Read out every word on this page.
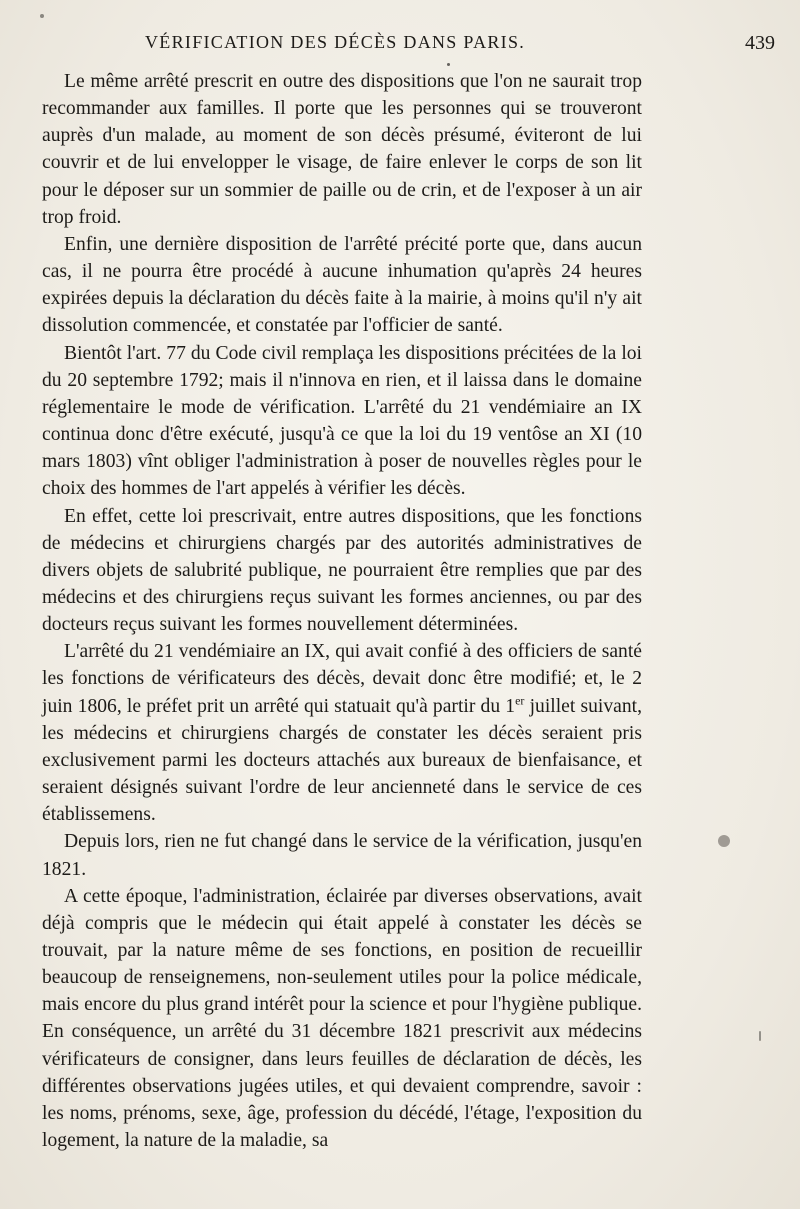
VÉRIFICATION DES DÉCÈS DANS PARIS.	439

Le même arrêté prescrit en outre des dispositions que l'on ne saurait trop recommander aux familles. Il porte que les personnes qui se trouveront auprès d'un malade, au moment de son décès présumé, éviteront de lui couvrir et de lui envelopper le visage, de faire enlever le corps de son lit pour le déposer sur un sommier de paille ou de crin, et de l'exposer à un air trop froid.

Enfin, une dernière disposition de l'arrêté précité porte que, dans aucun cas, il ne pourra être procédé à aucune inhumation qu'après 24 heures expirées depuis la déclaration du décès faite à la mairie, à moins qu'il n'y ait dissolution commencée, et constatée par l'officier de santé.

Bientôt l'art. 77 du Code civil remplaça les dispositions précitées de la loi du 20 septembre 1792; mais il n'innova en rien, et il laissa dans le domaine réglementaire le mode de vérification. L'arrêté du 21 vendémiaire an IX continua donc d'être exécuté, jusqu'à ce que la loi du 19 ventôse an XI (10 mars 1803) vînt obliger l'administration à poser de nouvelles règles pour le choix des hommes de l'art appelés à vérifier les décès.

En effet, cette loi prescrivait, entre autres dispositions, que les fonctions de médecins et chirurgiens chargés par des autorités administratives de divers objets de salubrité publique, ne pourraient être remplies que par des médecins et des chirurgiens reçus suivant les formes anciennes, ou par des docteurs reçus suivant les formes nouvellement déterminées.

L'arrêté du 21 vendémiaire an IX, qui avait confié à des officiers de santé les fonctions de vérificateurs des décès, devait donc être modifié; et, le 2 juin 1806, le préfet prit un arrêté qui statuait qu'à partir du 1er juillet suivant, les médecins et chirurgiens chargés de constater les décès seraient pris exclusivement parmi les docteurs attachés aux bureaux de bienfaisance, et seraient désignés suivant l'ordre de leur ancienneté dans le service de ces établissemens.

Depuis lors, rien ne fut changé dans le service de la vérification, jusqu'en 1821.

A cette époque, l'administration, éclairée par diverses observations, avait déjà compris que le médecin qui était appelé à constater les décès se trouvait, par la nature même de ses fonctions, en position de recueillir beaucoup de renseignemens, non-seulement utiles pour la police médicale, mais encore du plus grand intérêt pour la science et pour l'hygiène publique. En conséquence, un arrêté du 31 décembre 1821 prescrivit aux médecins vérificateurs de consigner, dans leurs feuilles de déclaration de décès, les différentes observations jugées utiles, et qui devaient comprendre, savoir : les noms, prénoms, sexe, âge, profession du décédé, l'étage, l'exposition du logement, la nature de la maladie, sa
